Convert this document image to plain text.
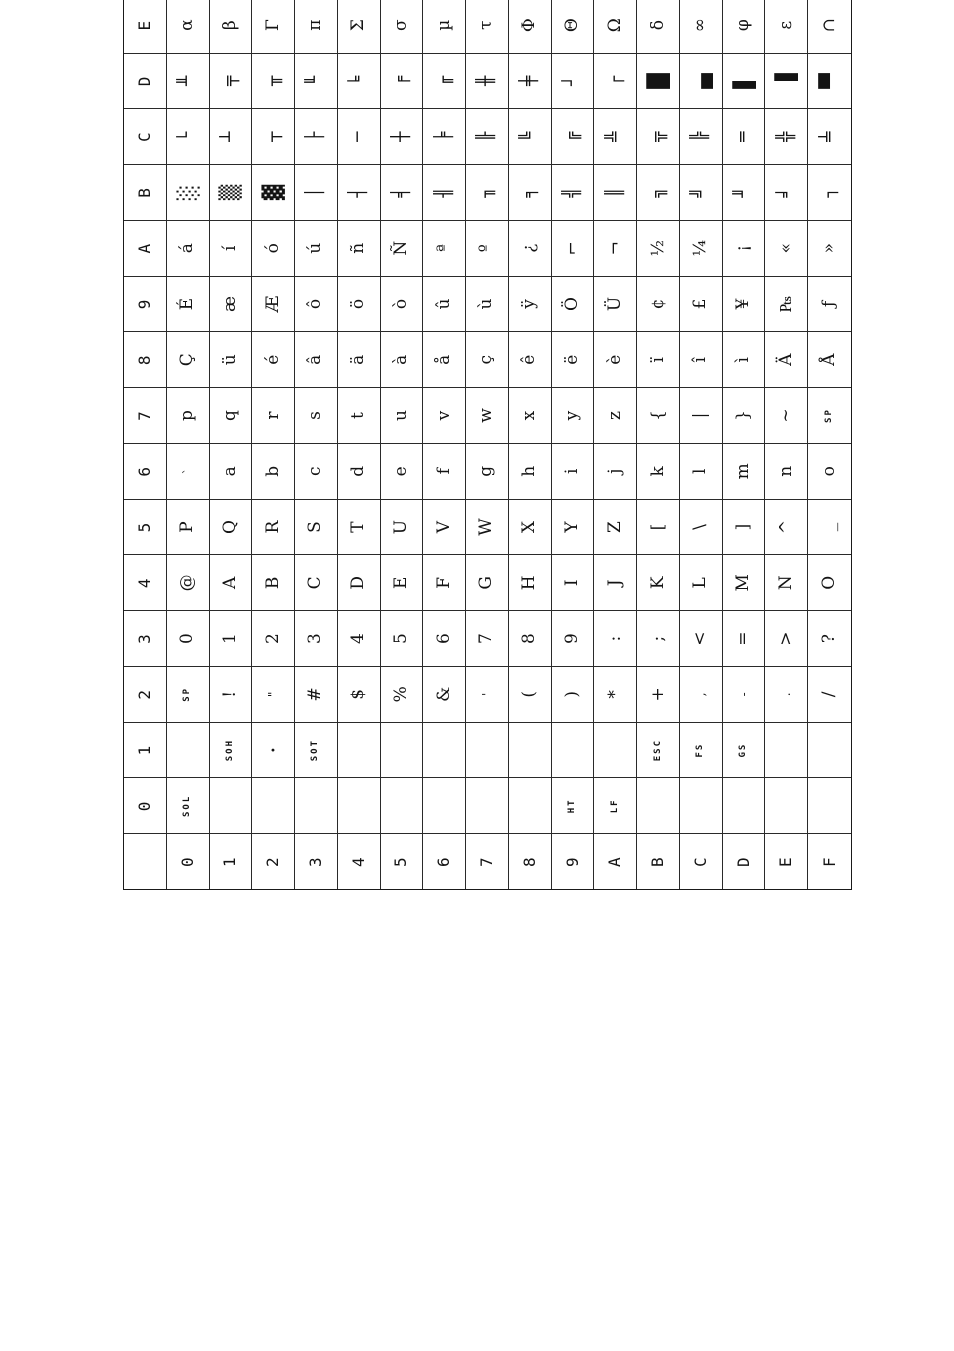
0
1
2
3
4
5
6
7
8
9
A
B
C
D
E
0
SOL
SP
0
@
P
`
p
Ç
É
á
░
└
╨
α
1
SOH
!
1
A
Q
a
q
ü
æ
í
▒
┴
╤
β
2
•
"
2
B
R
b
r
é
Æ
ó
▓
┬
╥
Γ
3
SOT
#
3
C
S
c
s
â
ô
ú
│
├
╙
π
4
$
4
D
T
d
t
ä
ö
ñ
┤
─
╘
Σ
5
%
5
E
U
e
u
à
ò
Ñ
╡
┼
╒
σ
6
&
6
F
V
f
v
å
û
ª
╢
╞
╓
µ
7
'
7
G
W
g
w
ç
ù
º
╖
╟
╫
τ
8
(
8
H
X
h
x
ê
ÿ
¿
╕
╚
╪
Φ
9
HT
)
9
I
Y
i
y
ë
Ö
⌐
╣
╔
┘
Θ
A
LF
*
:
J
Z
j
z
è
Ü
¬
║
╩
┌
Ω
B
ESC
+
;
K
[
k
{
ï
¢
½
╗
╦
█
δ
C
FS
,
<
L
\
l
|
î
£
¼
╝
╠
▄
∞
D
GS
-
=
M
]
m
}
ì
¥
¡
╜
═
▌
φ
E
.
>
N
^
n
~
Ä
₧
«
╛
╬
▐
ε
F
/
?
O
_
o
SP
Å
ƒ
»
┐
╧
▀
∩
